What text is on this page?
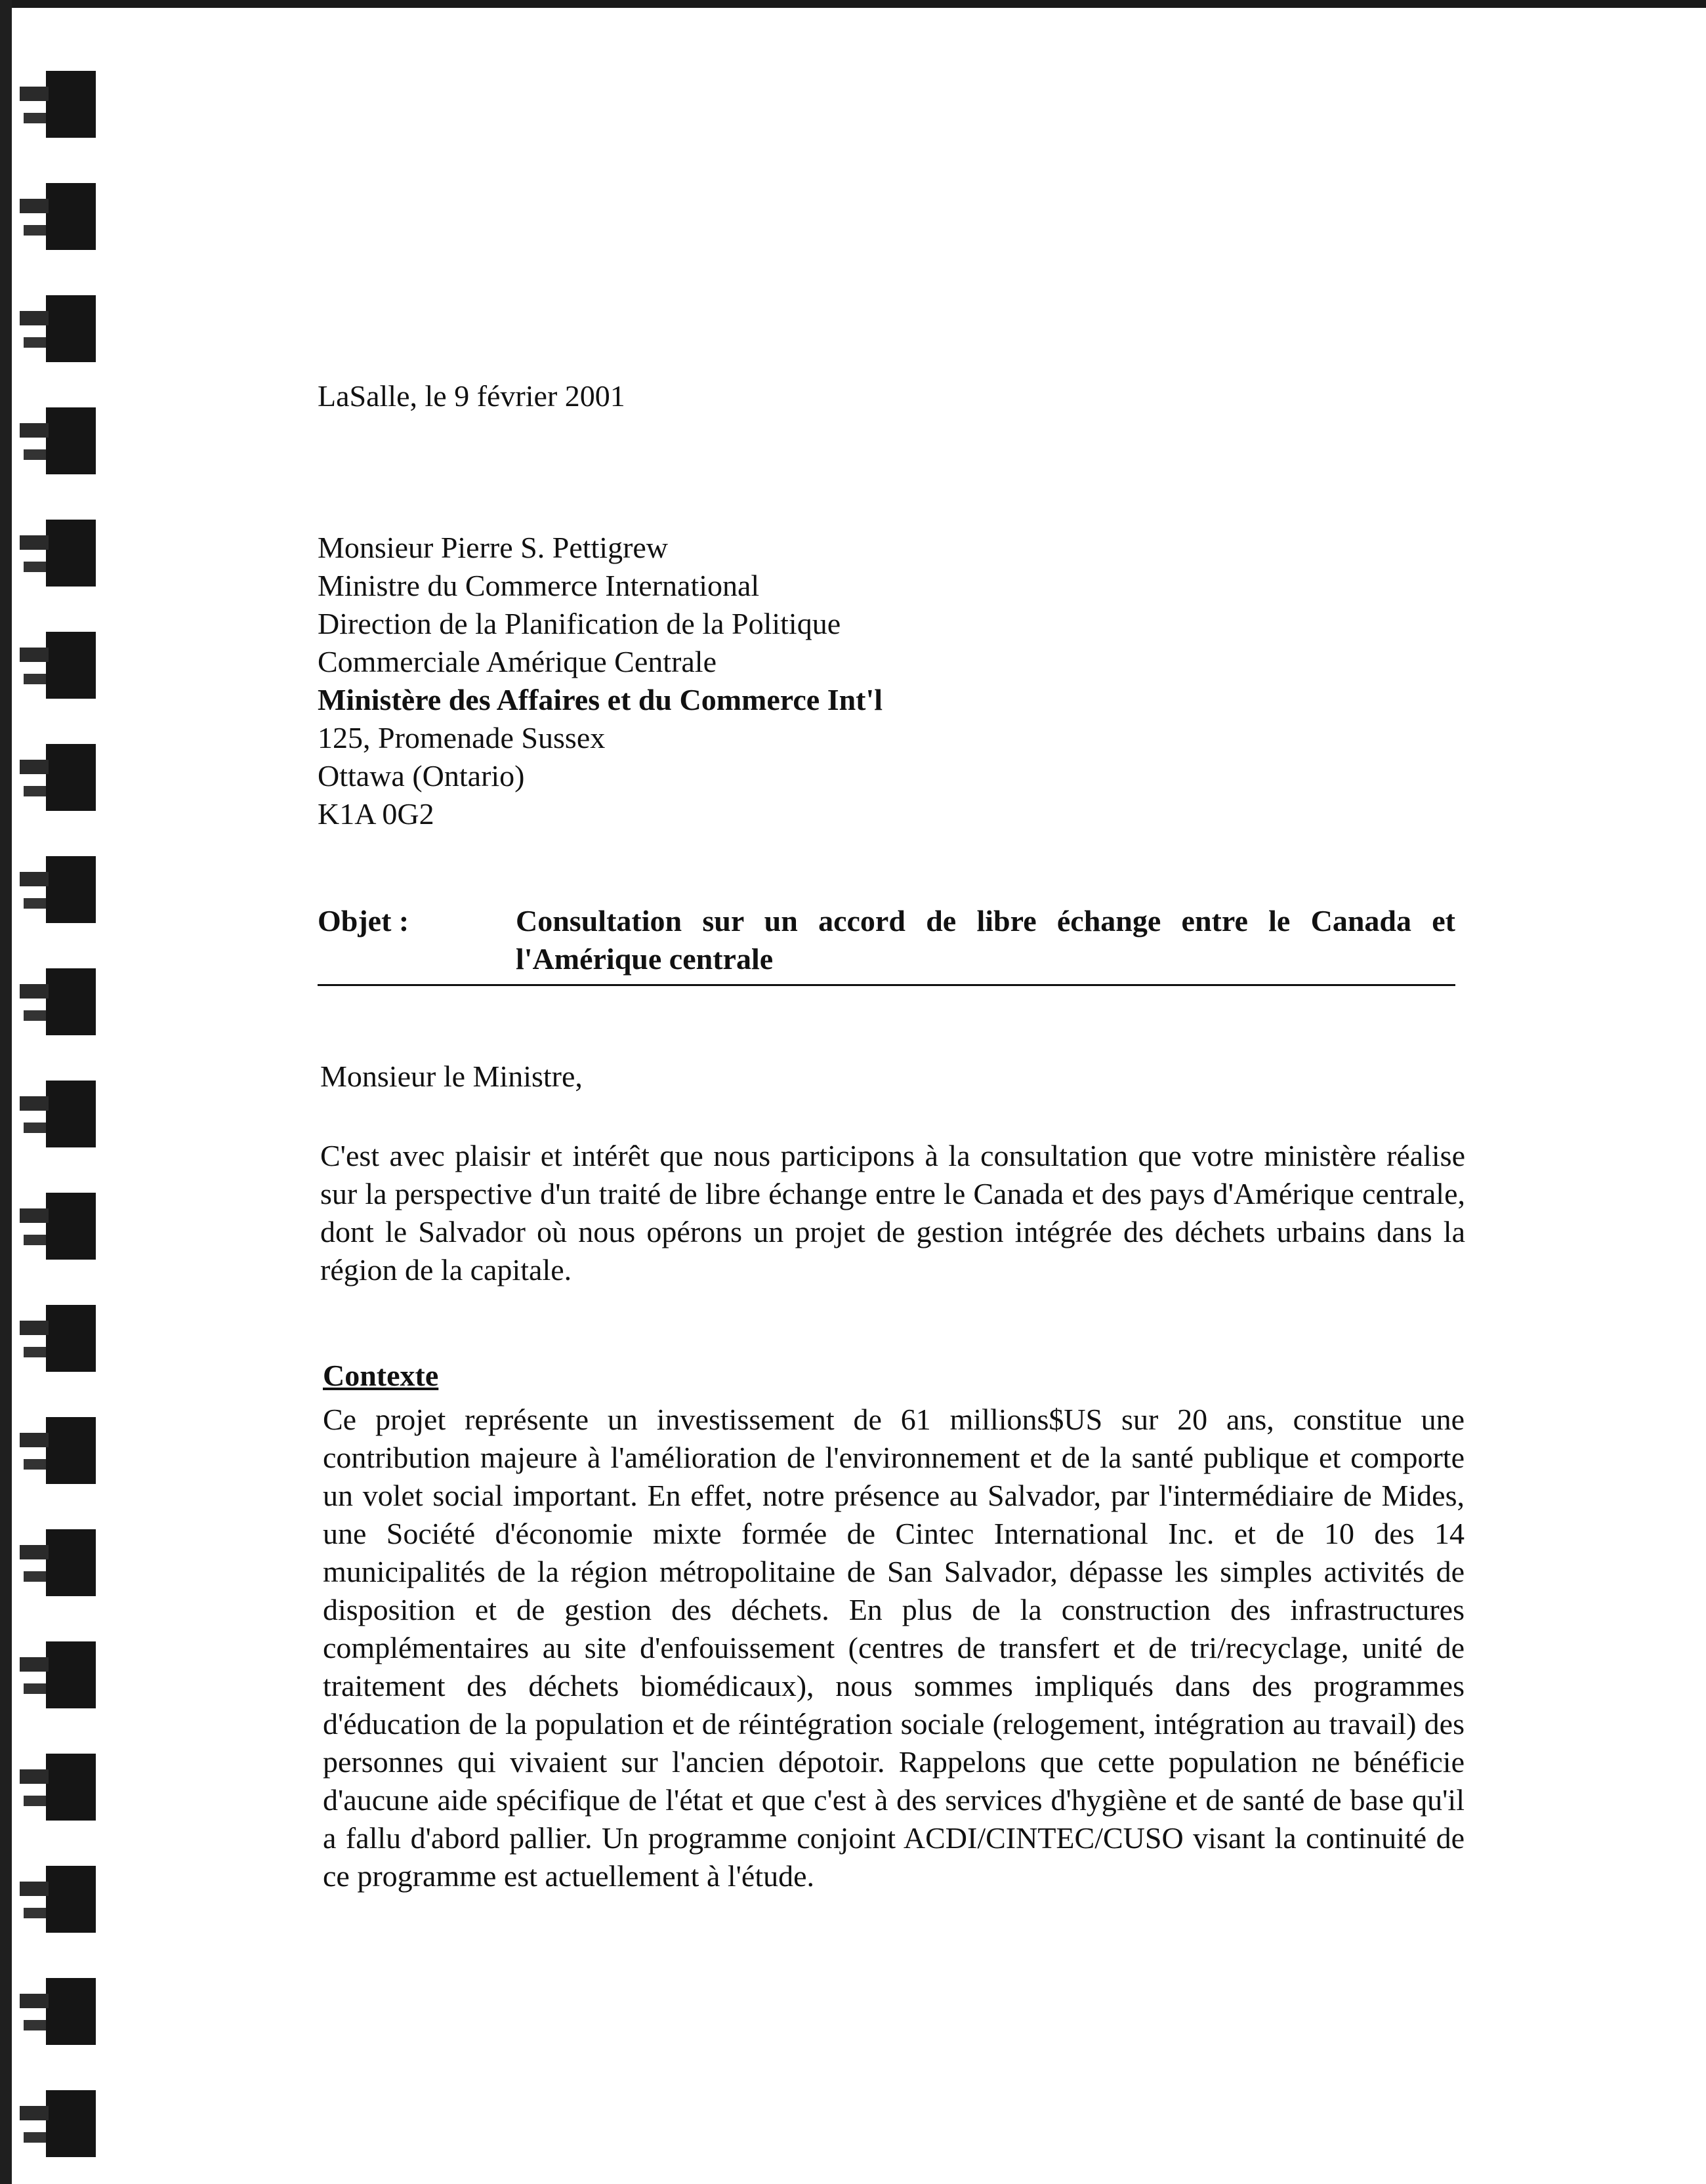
LaSalle, le 9 février 2001

Monsieur Pierre S. Pettigrew

Ministre du Commerce International

Direction de la Planification de la Politique

Commerciale Amérique Centrale

Ministère des Affaires et du Commerce Int'l

125, Promenade Sussex

Ottawa (Ontario)

K1A 0G2

Objet :	Consultation sur un accord de libre échange entre le Canada et l'Amérique centrale

Monsieur le Ministre,

C'est avec plaisir et intérêt que nous participons à la consultation que votre ministère réalise sur la perspective d'un traité de libre échange entre le Canada et des pays d'Amérique centrale, dont le Salvador où nous opérons un projet de gestion intégrée des déchets urbains dans la région de la capitale.

Contexte

Ce projet représente un investissement de 61 millions$US sur 20 ans, constitue une contribution majeure à l'amélioration de l'environnement et de la santé publique et comporte un volet social important. En effet, notre présence au Salvador, par l'intermédiaire de Mides, une Société d'économie mixte formée de Cintec International Inc. et de 10 des 14 municipalités de la région métropolitaine de San Salvador, dépasse les simples activités de disposition et de gestion des déchets. En plus de la construction des infrastructures complémentaires au site d'enfouissement (centres de transfert et de tri/recyclage, unité de traitement des déchets biomédicaux), nous sommes impliqués dans des programmes d'éducation de la population et de réintégration sociale (relogement, intégration au travail) des personnes qui vivaient sur l'ancien dépotoir. Rappelons que cette population ne bénéficie d'aucune aide spécifique de l'état et que c'est à des services d'hygiène et de santé de base qu'il a fallu d'abord pallier. Un programme conjoint ACDI/CINTEC/CUSO visant la continuité de ce programme est actuellement à l'étude.
